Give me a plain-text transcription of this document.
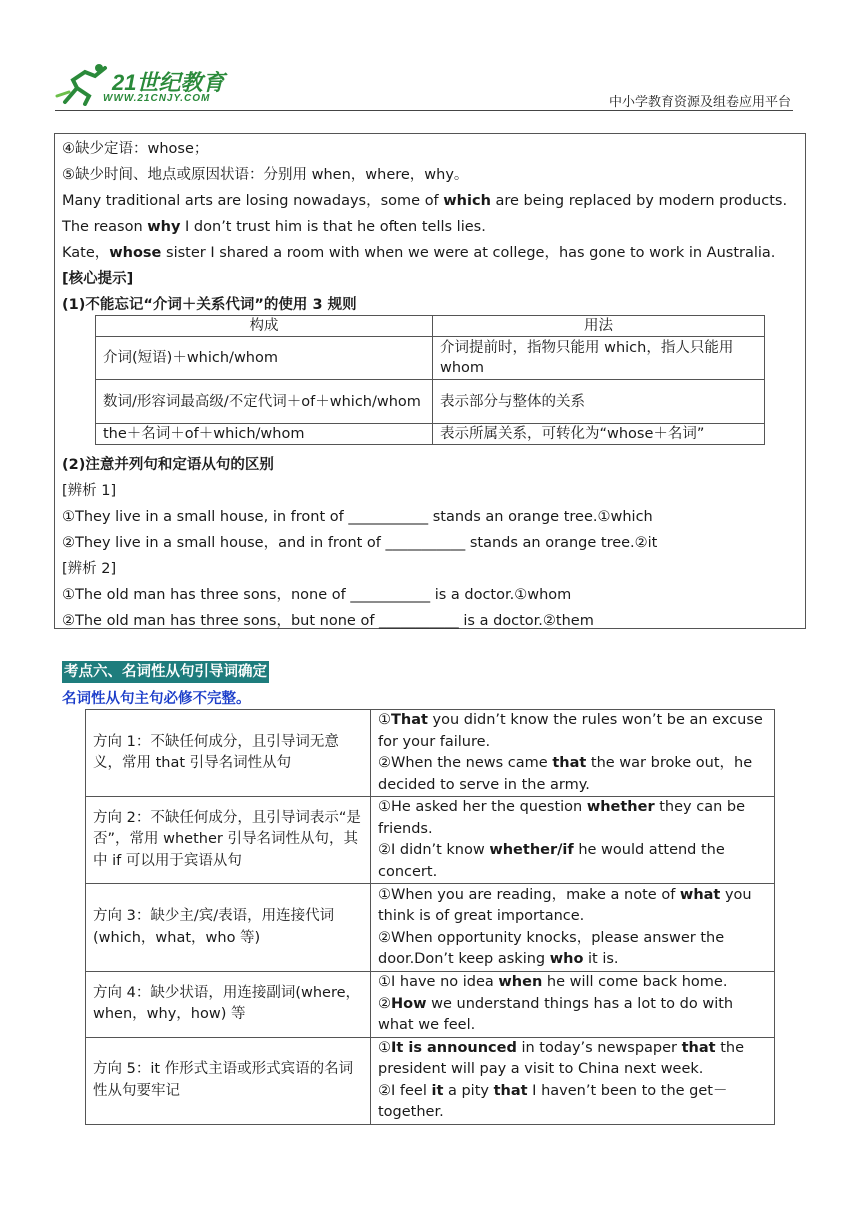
21世纪教育
WWW.21CNJY.COM	中小学教育资源及组卷应用平台
④缺少定语：whose；
⑤缺少时间、地点或原因状语：分别用 when，where，why。
Many traditional arts are losing nowadays，some of which are being replaced by modern products.
The reason why I don’t trust him is that he often tells lies.
Kate，whose sister I shared a room with when we were at college，has gone to work in Australia.
[核心提示]
(1)不能忘记“介词＋关系代词”的使用 3 规则
构成	用法
介词(短语)＋which/whom	介词提前时，指物只能用 which，指人只能用 whom
数词/形容词最高级/不定代词＋of＋which/whom	表示部分与整体的关系
the＋名词＋of＋which/whom	表示所属关系，可转化为“whose＋名词”
(2)注意并列句和定语从句的区别
[辨析 1]
①They live in a small house, in front of ___________ stands an orange tree.①which
②They live in a small house，and in front of ___________ stands an orange tree.②it
[辨析 2]
①The old man has three sons，none of ___________ is a doctor.①whom
②The old man has three sons，but none of ___________ is a doctor.②them
考点六、名词性从句引导词确定
名词性从句主句必修不完整。
方向 1：不缺任何成分，且引导词无意义，常用 that 引导名词性从句	①That you didn’t know the rules won’t be an excuse for your failure.
②When the news came that the war broke out，he decided to serve in the army.

方向 2：不缺任何成分，且引导词表示“是否”，常用 whether 引导名词性从句，其中 if 可以用于宾语从句	①He asked her the question whether they can be friends.
②I didn’t know whether/if he would attend the concert.

方向 3：缺少主/宾/表语，用连接代词(which，what，who 等)	①When you are reading，make a note of what you think is of great importance.
②When opportunity knocks，please answer the door.Don’t keep asking who it is.

方向 4：缺少状语，用连接副词(where，when，why，how) 等	①I have no idea when he will come back home.
②How we understand things has a lot to do with what we feel.

方向 5：it 作形式主语或形式宾语的名词性从句要牢记	①It is announced in today’s newspaper that the president will pay a visit to China next week.
②I feel it a pity that I haven’t been to the get－together.
